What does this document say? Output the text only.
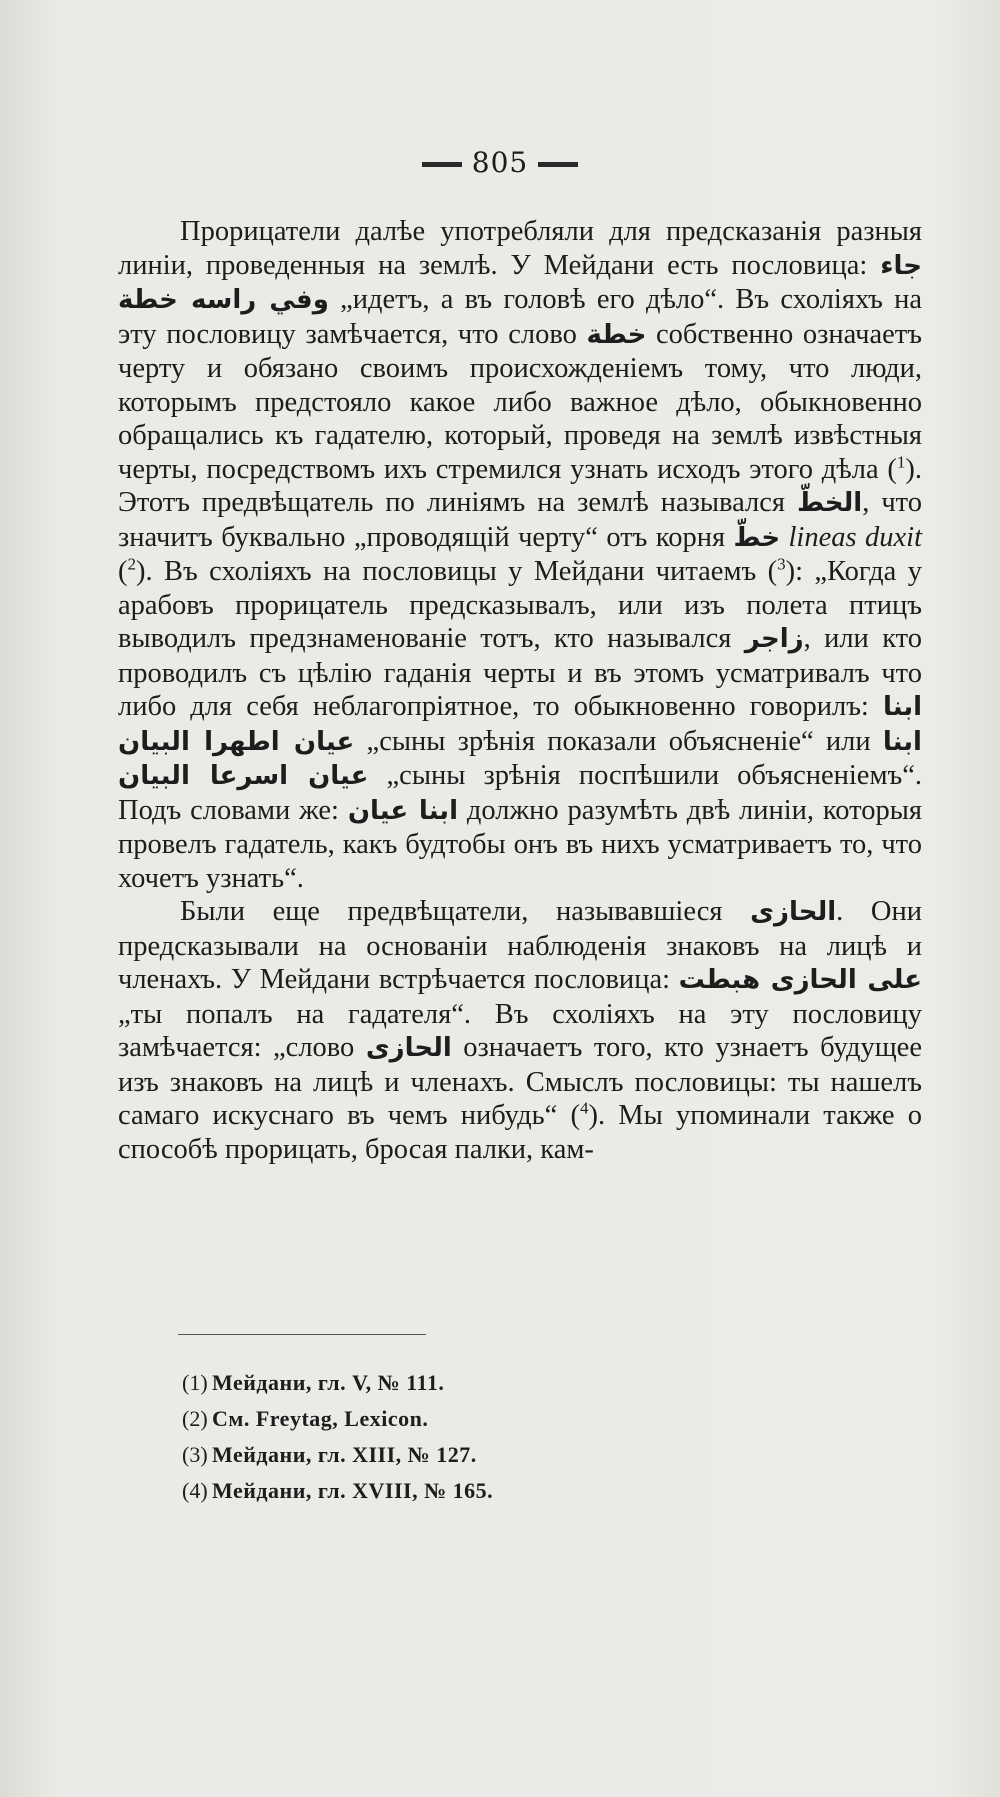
805

Прорицатели далѣе употребляли для предсказанія разныя линіи, проведенныя на землѣ. У Мейдани есть пословица: جاء وفي راسه خطة „идетъ, а въ головѣ его дѣло“. Въ схоліяхъ на эту пословицу замѣчается, что слово خطة собственно означаетъ черту и обязано своимъ происхожденіемъ тому, что люди, которымъ предстояло какое либо важное дѣло, обыкновенно обращались къ гадателю, который, проведя на землѣ извѣстныя черты, посредствомъ ихъ стремился узнать исходъ этого дѣла ($^1$). Этотъ предвѣщатель по линіямъ на землѣ назывался الخطّ, что значитъ буквально „проводящій черту“ отъ корня خطّ lineas duxit ($^2$). Въ схоліяхъ на пословицы у Мейдани читаемъ ($^3$): „Когда у арабовъ прорицатель предсказывалъ, или изъ полета птицъ выводилъ предзнаменованіе тотъ, кто назывался زاجر, или кто проводилъ съ цѣлію гаданія черты и въ этомъ усматривалъ что либо для себя неблагопріятное, то обыкновенно говорилъ: ابنا عيان اطهرا البيان „сыны зрѣнія показали объясненіе“ или ابنا عيان اسرعا البيان „сыны зрѣнія поспѣшили объясненіемъ“. Подъ словами же: ابنا عيان должно разумѣть двѣ линіи, которыя провелъ гадатель, какъ будтобы онъ въ нихъ усматриваетъ то, что хочетъ узнать“.

Были еще предвѣщатели, называвшіеся الحازى. Они предсказывали на основаніи наблюденія знаковъ на лицѣ и членахъ. У Мейдани встрѣчается пословица: على الحازى هبطت „ты попалъ на гадателя“. Въ схоліяхъ на эту пословицу замѣчается: „слово الحازى означаетъ того, кто узнаетъ будущее изъ знаковъ на лицѣ и членахъ. Смыслъ пословицы: ты нашелъ самаго искуснаго въ чемъ нибудь“ ($^4$). Мы упоминали также о способѣ прорицать, бросая палки, кам-

(1) Мейдани, гл. V, № 111.
(2) См. Freytag, Lexicon.
(3) Мейдани, гл. XIII, № 127.
(4) Мейдани, гл. XVIII, № 165.
